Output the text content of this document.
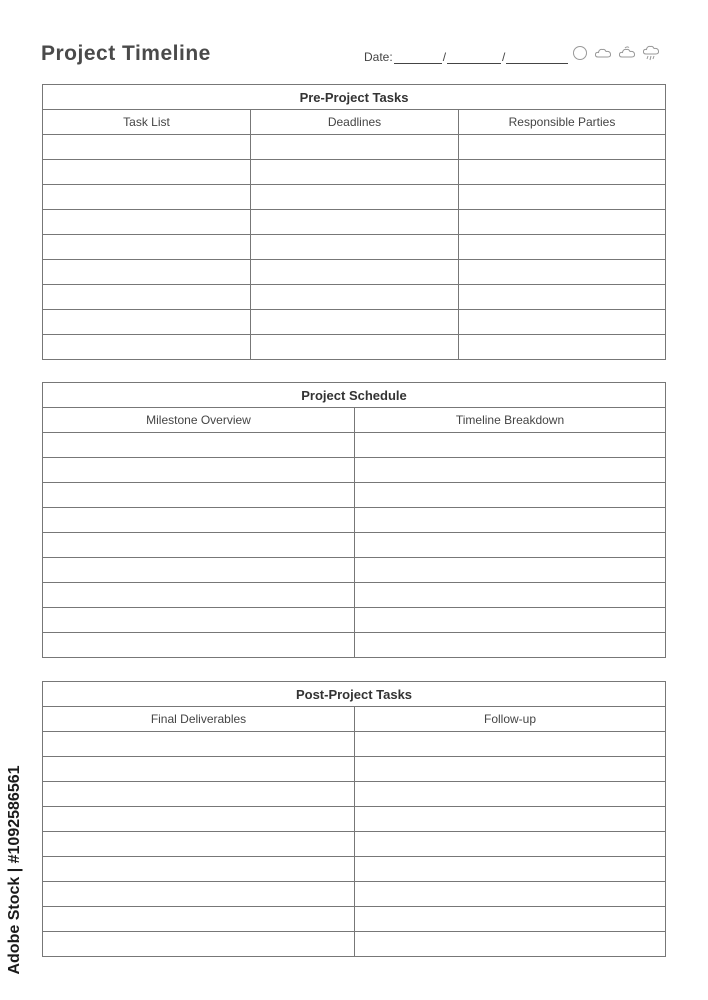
Project Timeline	Date:	/	/
Pre-Project Tasks		
Task List	Deadlines	Responsible Parties

Project Schedule	
Milestone Overview	Timeline Breakdown

Post-Project Tasks	
Final Deliverables	Follow-up

Adobe Stock | #1092586561
